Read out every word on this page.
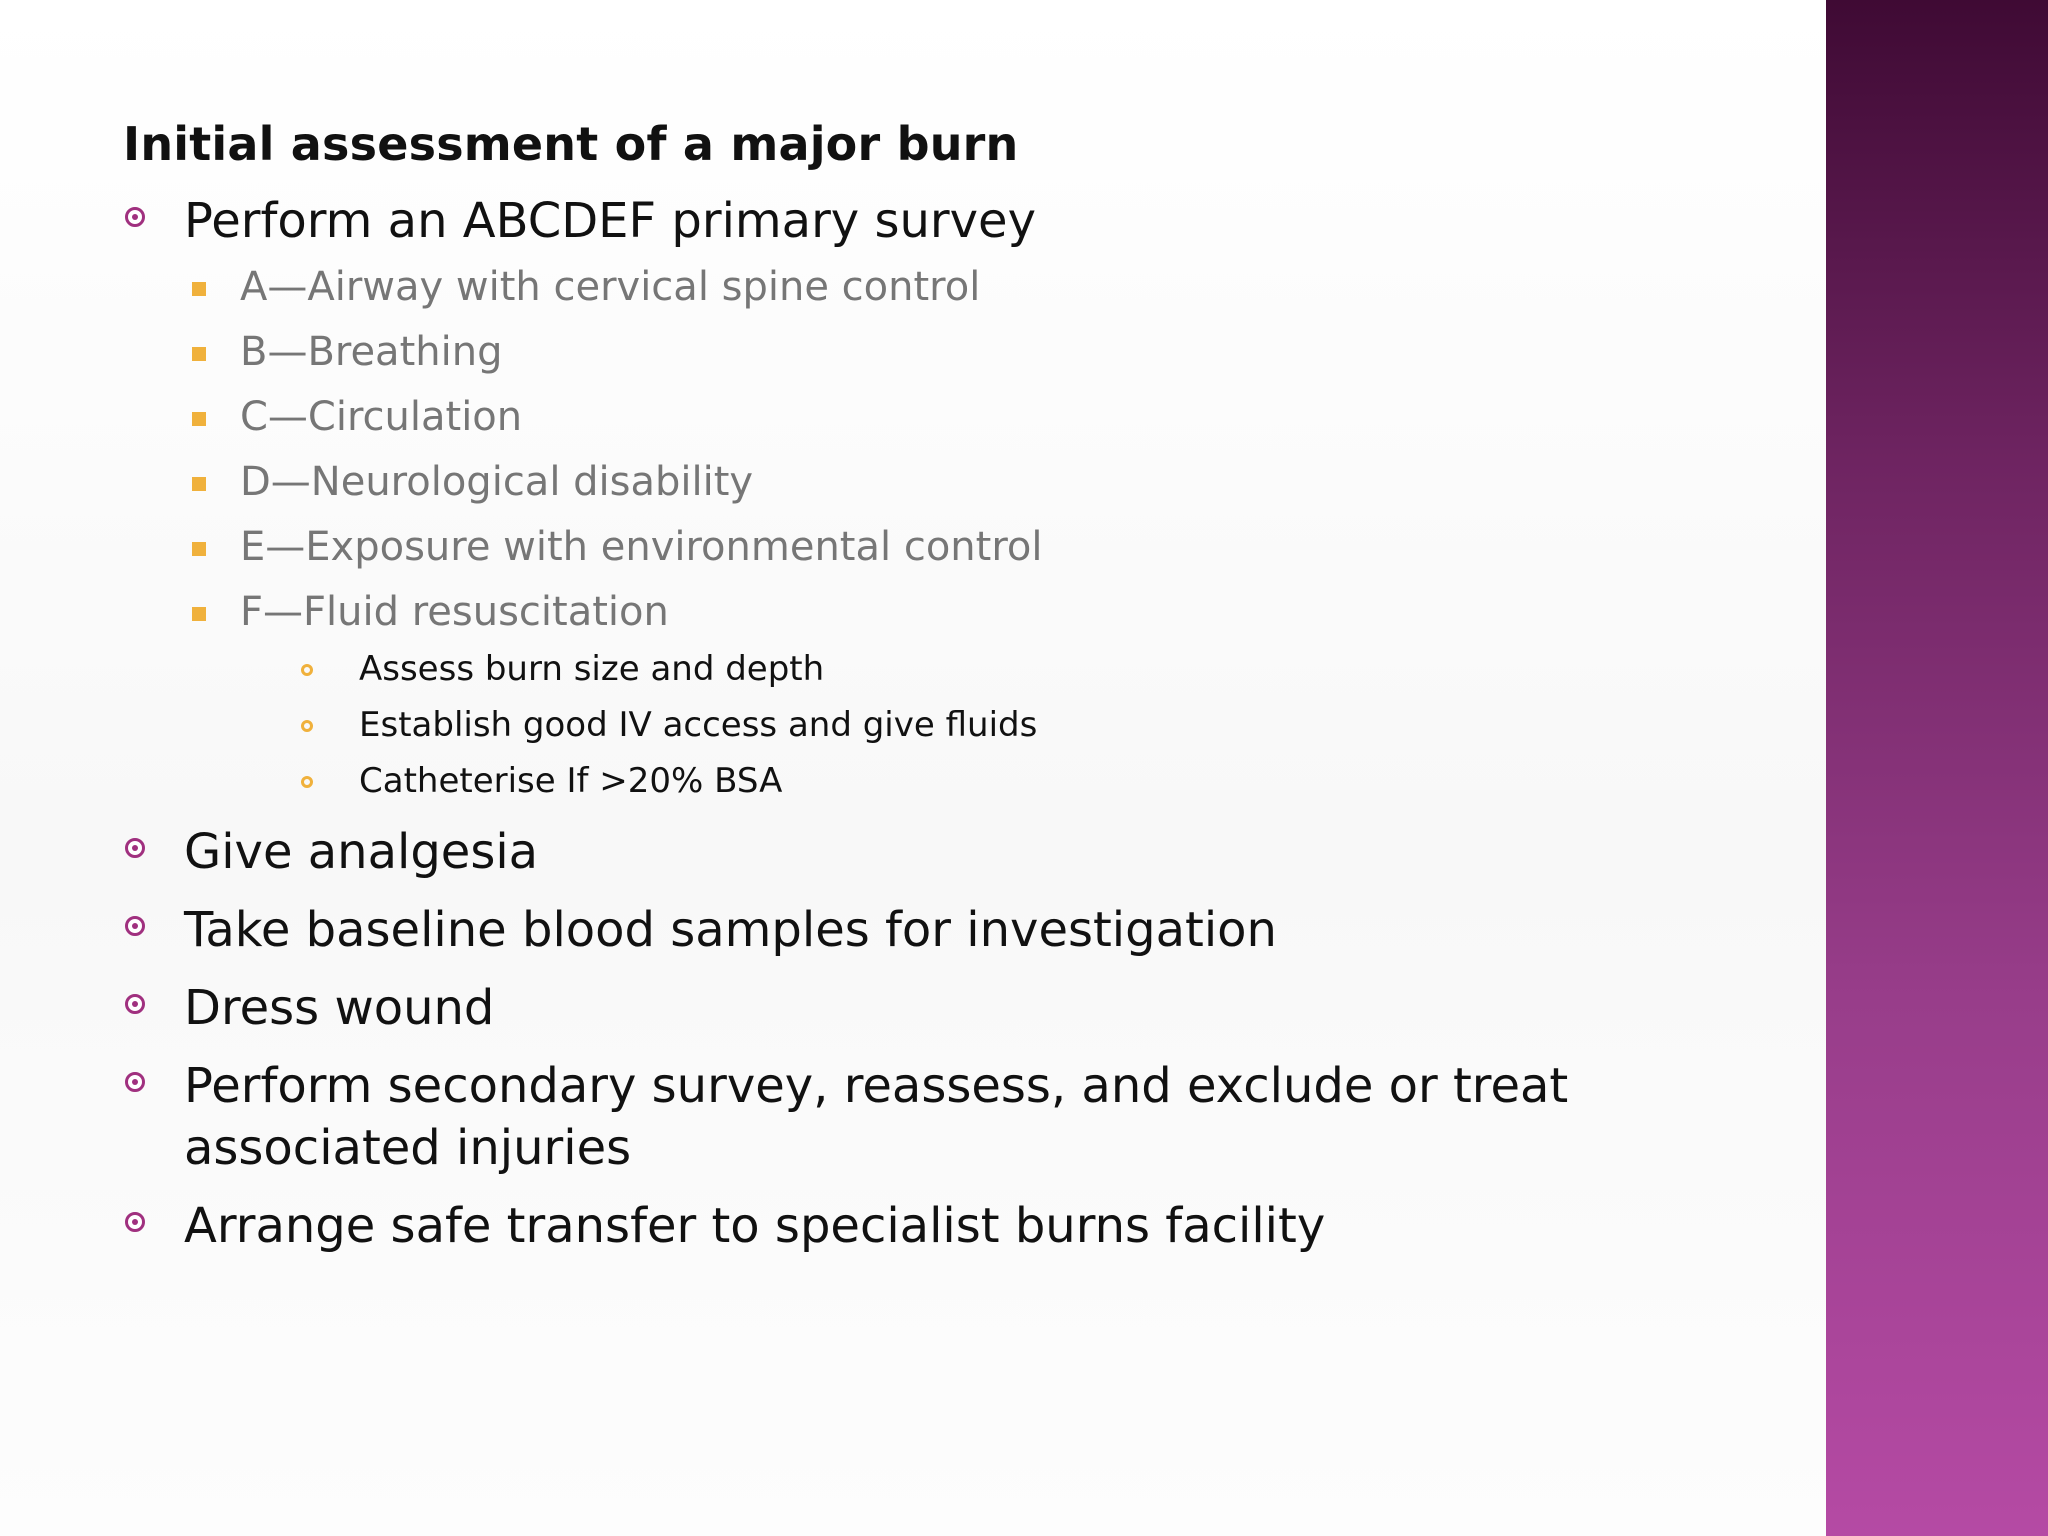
Initial assessment of a major burn
Perform an ABCDEF primary survey
A—Airway with cervical spine control
B—Breathing
C—Circulation
D—Neurological disability
E—Exposure with environmental control
F—Fluid resuscitation
Assess burn size and depth
Establish good IV access and give fluids
Catheterise If >20% BSA
Give analgesia
Take baseline blood samples for investigation
Dress wound
Perform secondary survey, reassess, and exclude or treat associated injuries
Arrange safe transfer to specialist burns facility
